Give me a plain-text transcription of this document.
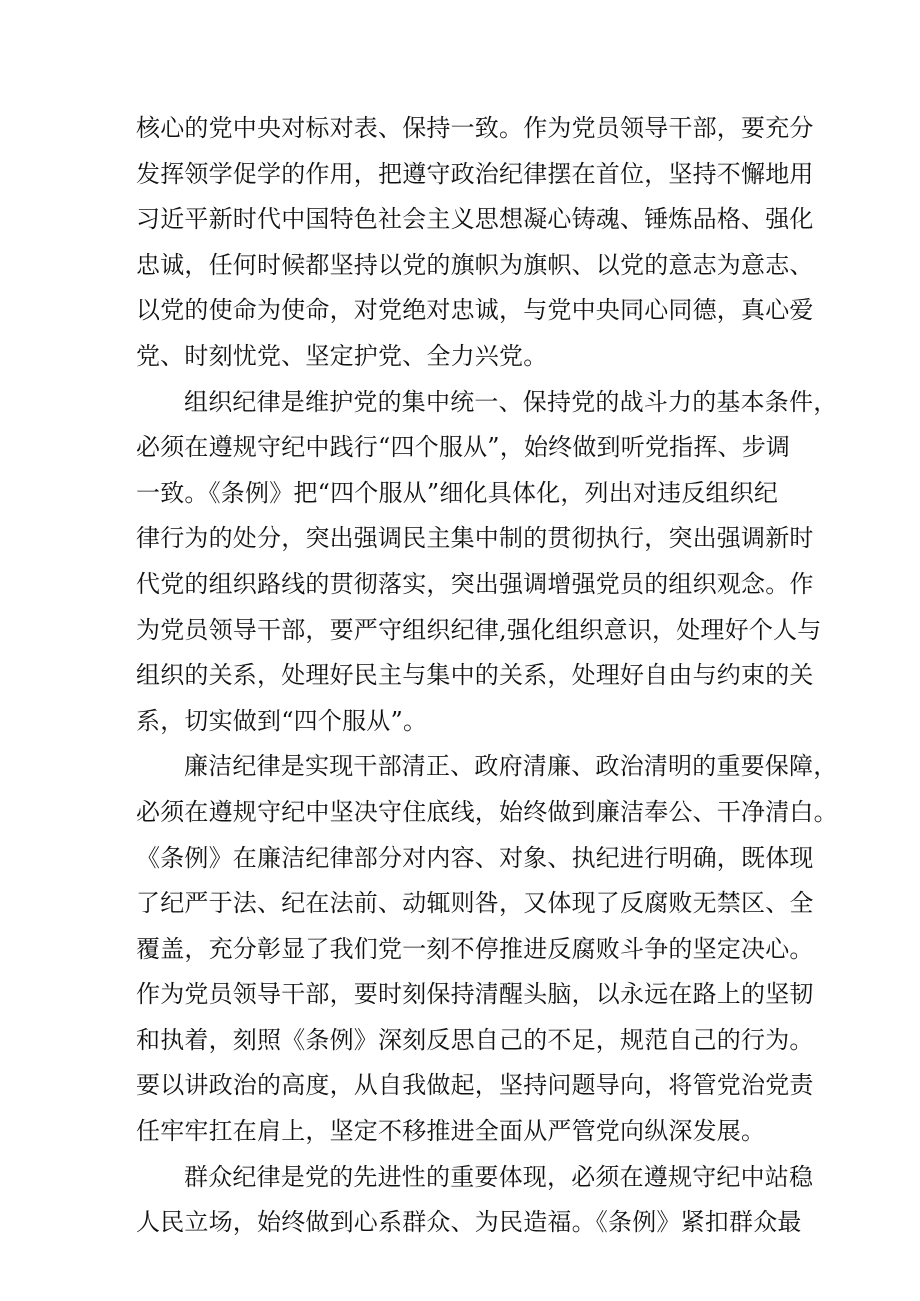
核心的党中央对标对表、保持一致。作为党员领导干部，要充分
发挥领学促学的作用，把遵守政治纪律摆在首位，坚持不懈地用
习近平新时代中国特色社会主义思想凝心铸魂、锤炼品格、强化
忠诚，任何时候都坚持以党的旗帜为旗帜、以党的意志为意志、
以党的使命为使命，对党绝对忠诚，与党中央同心同德，真心爱
党、时刻忧党、坚定护党、全力兴党。
组织纪律是维护党的集中统一、保持党的战斗力的基本条件，
必须在遵规守纪中践行“四个服从”，始终做到听党指挥、步调
一致。《条例》把“四个服从”细化具体化，列出对违反组织纪
律行为的处分，突出强调民主集中制的贯彻执行，突出强调新时
代党的组织路线的贯彻落实，突出强调增强党员的组织观念。作
为党员领导干部，要严守组织纪律,强化组织意识，处理好个人与
组织的关系，处理好民主与集中的关系，处理好自由与约束的关
系，切实做到“四个服从”。
廉洁纪律是实现干部清正、政府清廉、政治清明的重要保障，
必须在遵规守纪中坚决守住底线，始终做到廉洁奉公、干净清白。
《条例》在廉洁纪律部分对内容、对象、执纪进行明确，既体现
了纪严于法、纪在法前、动辄则咎，又体现了反腐败无禁区、全
覆盖，充分彰显了我们党一刻不停推进反腐败斗争的坚定决心。
作为党员领导干部，要时刻保持清醒头脑，以永远在路上的坚韧
和执着，刻照《条例》深刻反思自己的不足，规范自己的行为。
要以讲政治的高度，从自我做起，坚持问题导向，将管党治党责
任牢牢扛在肩上，坚定不移推进全面从严管党向纵深发展。
群众纪律是党的先进性的重要体现，必须在遵规守纪中站稳
人民立场，始终做到心系群众、为民造福。《条例》紧扣群众最
